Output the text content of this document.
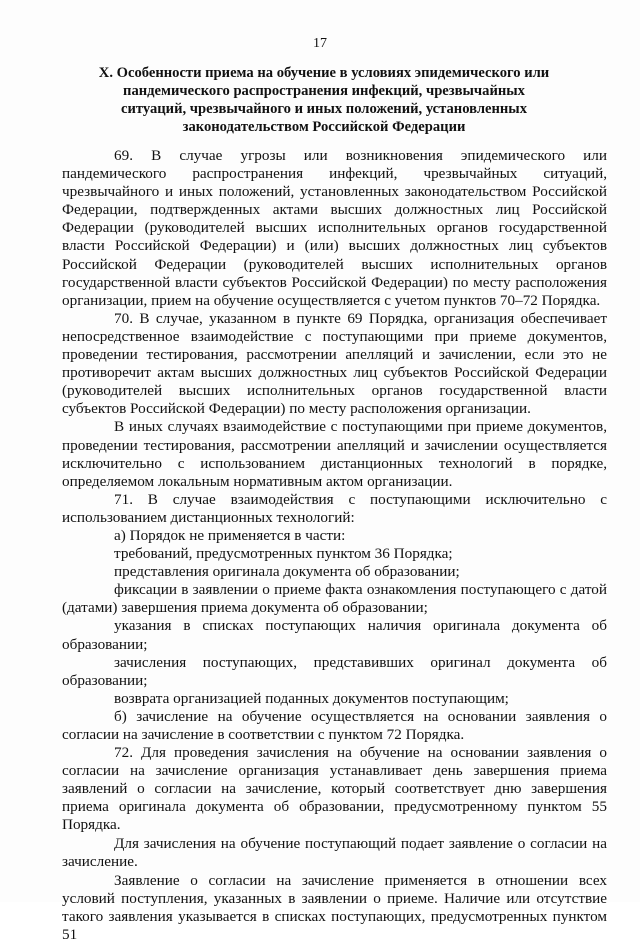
17
X. Особенности приема на обучение в условиях эпидемического или пандемического распространения инфекций, чрезвычайных ситуаций, чрезвычайного и иных положений, установленных законодательством Российской Федерации

69. В случае угрозы или возникновения эпидемического или пандемического распространения инфекций, чрезвычайных ситуаций, чрезвычайного и иных положений, установленных законодательством Российской Федерации, подтвержденных актами высших должностных лиц Российской Федерации (руководителей высших исполнительных органов государственной власти Российской Федерации) и (или) высших должностных лиц субъектов Российской Федерации (руководителей высших исполнительных органов государственной власти субъектов Российской Федерации) по месту расположения организации, прием на обучение осуществляется с учетом пунктов 70–72 Порядка.

70. В случае, указанном в пункте 69 Порядка, организация обеспечивает непосредственное взаимодействие с поступающими при приеме документов, проведении тестирования, рассмотрении апелляций и зачислении, если это не противоречит актам высших должностных лиц субъектов Российской Федерации (руководителей высших исполнительных органов государственной власти субъектов Российской Федерации) по месту расположения организации.

В иных случаях взаимодействие с поступающими при приеме документов, проведении тестирования, рассмотрении апелляций и зачислении осуществляется исключительно с использованием дистанционных технологий в порядке, определяемом локальным нормативным актом организации.

71. В случае взаимодействия с поступающими исключительно с использованием дистанционных технологий:

а) Порядок не применяется в части:

требований, предусмотренных пунктом 36 Порядка;

представления оригинала документа об образовании;

фиксации в заявлении о приеме факта ознакомления поступающего с датой (датами) завершения приема документа об образовании;

указания в списках поступающих наличия оригинала документа об образовании;

зачисления поступающих, представивших оригинал документа об образовании;

возврата организацией поданных документов поступающим;

б) зачисление на обучение осуществляется на основании заявления о согласии на зачисление в соответствии с пунктом 72 Порядка.

72. Для проведения зачисления на обучение на основании заявления о согласии на зачисление организация устанавливает день завершения приема заявлений о согласии на зачисление, который соответствует дню завершения приема оригинала документа об образовании, предусмотренному пунктом 55 Порядка.

Для зачисления на обучение поступающий подает заявление о согласии на зачисление.

Заявление о согласии на зачисление применяется в отношении всех условий поступления, указанных в заявлении о приеме. Наличие или отсутствие такого заявления указывается в списках поступающих, предусмотренных пунктом 51
